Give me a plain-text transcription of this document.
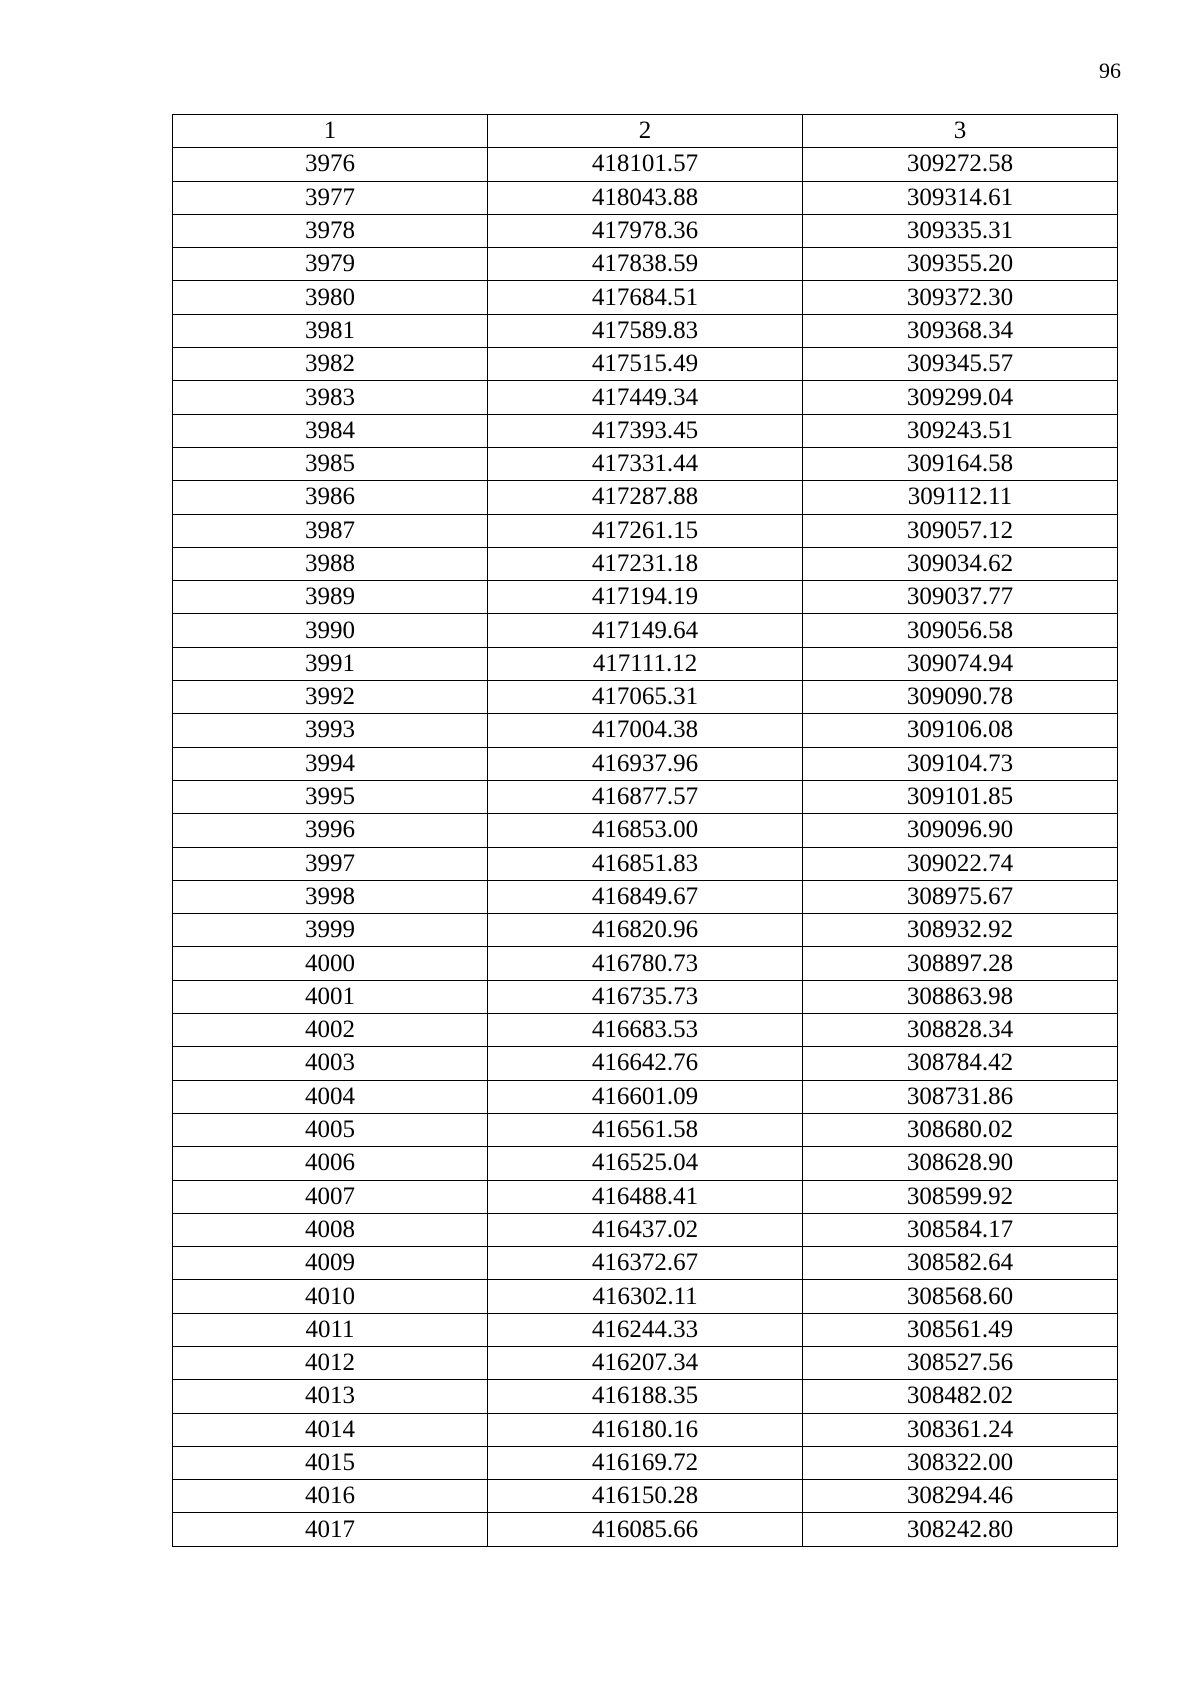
96
1	2	3
3976	418101.57	309272.58
3977	418043.88	309314.61
3978	417978.36	309335.31
3979	417838.59	309355.20
3980	417684.51	309372.30
3981	417589.83	309368.34
3982	417515.49	309345.57
3983	417449.34	309299.04
3984	417393.45	309243.51
3985	417331.44	309164.58
3986	417287.88	309112.11
3987	417261.15	309057.12
3988	417231.18	309034.62
3989	417194.19	309037.77
3990	417149.64	309056.58
3991	417111.12	309074.94
3992	417065.31	309090.78
3993	417004.38	309106.08
3994	416937.96	309104.73
3995	416877.57	309101.85
3996	416853.00	309096.90
3997	416851.83	309022.74
3998	416849.67	308975.67
3999	416820.96	308932.92
4000	416780.73	308897.28
4001	416735.73	308863.98
4002	416683.53	308828.34
4003	416642.76	308784.42
4004	416601.09	308731.86
4005	416561.58	308680.02
4006	416525.04	308628.90
4007	416488.41	308599.92
4008	416437.02	308584.17
4009	416372.67	308582.64
4010	416302.11	308568.60
4011	416244.33	308561.49
4012	416207.34	308527.56
4013	416188.35	308482.02
4014	416180.16	308361.24
4015	416169.72	308322.00
4016	416150.28	308294.46
4017	416085.66	308242.80
